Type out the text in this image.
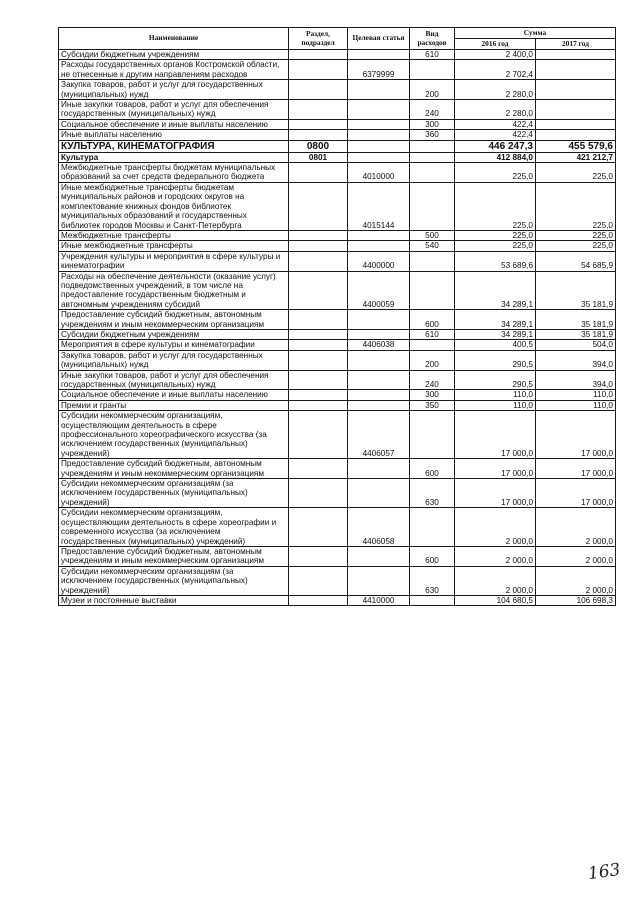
Наименование	Раздел, подраздел	Целевая статья	Вид расходов	Сумма	
				2016 год	2017 год
Субсидии бюджетным учреждениям			610	2 400,0	
Расходы государственных органов Костромской области, не отнесенные к другим направлениям расходов		6379999		2 702,4	
Закупка товаров, работ и услуг для государственных (муниципальных) нужд			200	2 280,0	
Иные закупки товаров, работ и услуг для обеспечения государственных (муниципальных) нужд			240	2 280,0	
Социальное обеспечение и иные выплаты населению			300	422,4	
Иные выплаты населению			360	422,4	
КУЛЬТУРА, КИНЕМАТОГРАФИЯ	0800			446 247,3	455 579,6
Культура	0801			412 884,0	421 212,7
Межбюджетные трансферты бюджетам муниципальных образований за счет средств федерального бюджета		4010000		225,0	225,0
Иные межбюджетные трансферты бюджетам муниципальных районов и городских округов на комплектование книжных фондов библиотек муниципальных образований и государственных библиотек городов Москвы и Санкт-Петербурга		4015144		225,0	225,0
Межбюджетные трансферты			500	225,0	225,0
Иные межбюджетные трансферты			540	225,0	225,0
Учреждения культуры и мероприятия в сфере культуры и кинематографии		4400000		53 689,6	54 685,9
Расходы на обеспечение деятельности (оказание услуг) подведомственных учреждений, в том числе на предоставление государственным бюджетным и автономным учреждениям субсидий		4400059		34 289,1	35 181,9
Предоставление субсидий бюджетным, автономным учреждениям и иным некоммерческим организациям			600	34 289,1	35 181,9
Субсидии бюджетным учреждениям			610	34 289,1	35 181,9
Мероприятия в сфере культуры и кинематографии		4406038		400,5	504,0
Закупка товаров, работ и услуг для государственных (муниципальных) нужд			200	290,5	394,0
Иные закупки товаров, работ и услуг для обеспечения государственных (муниципальных) нужд			240	290,5	394,0
Социальное обеспечение и иные выплаты населению			300	110,0	110,0
Премии и гранты			350	110,0	110,0
Субсидии некоммерческим организациям, осуществляющим деятельность в сфере профессионального хореографического искусства (за исключением государственных (муниципальных) учреждений)		4406057		17 000,0	17 000,0
Предоставление субсидий бюджетным, автономным учреждениям и иным некоммерческим организациям			600	17 000,0	17 000,0
Субсидии некоммерческим организациям (за исключением государственных (муниципальных) учреждений)			630	17 000,0	17 000,0
Субсидии некоммерческим организациям, осуществляющим деятельность в сфере хореографии и современного искусства (за исключением государственных (муниципальных) учреждений)		4406058		2 000,0	2 000,0
Предоставление субсидий бюджетным, автономным учреждениям и иным некоммерческим организациям			600	2 000,0	2 000,0
Субсидии некоммерческим организациям (за исключением государственных (муниципальных) учреждений)			630	2 000,0	2 000,0
Музеи и постоянные выставки		4410000		104 680,5	106 698,3
163
